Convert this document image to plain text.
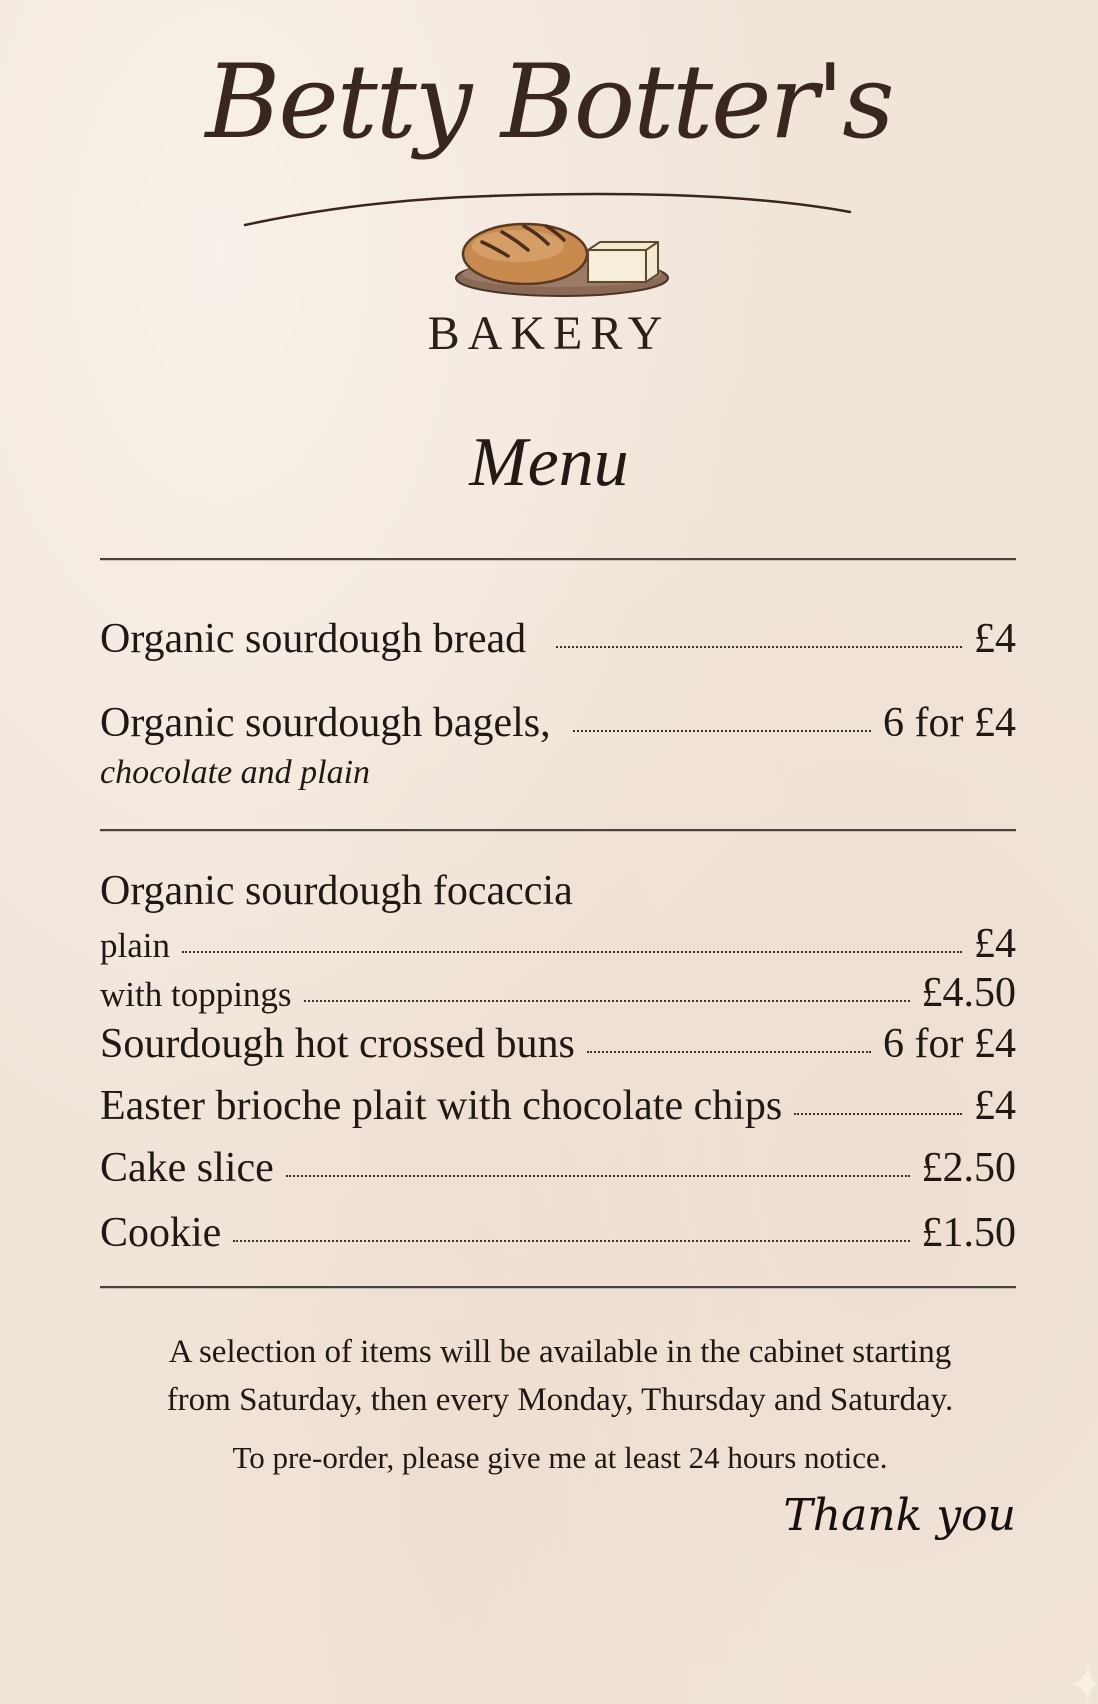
Betty Botter's
BAKERY
Menu
Organic sourdough bread	£4
Organic sourdough bagels,	6 for £4
chocolate and plain
Organic sourdough focaccia
plain	£4
with toppings	£4.50
Sourdough hot crossed buns	6 for £4
Easter brioche plait with chocolate chips	£4
Cake slice	£2.50
Cookie	£1.50
A selection of items will be available in the cabinet starting
from Saturday, then every Monday, Thursday and Saturday.
To pre-order, please give me at least 24 hours notice.
Thank you
